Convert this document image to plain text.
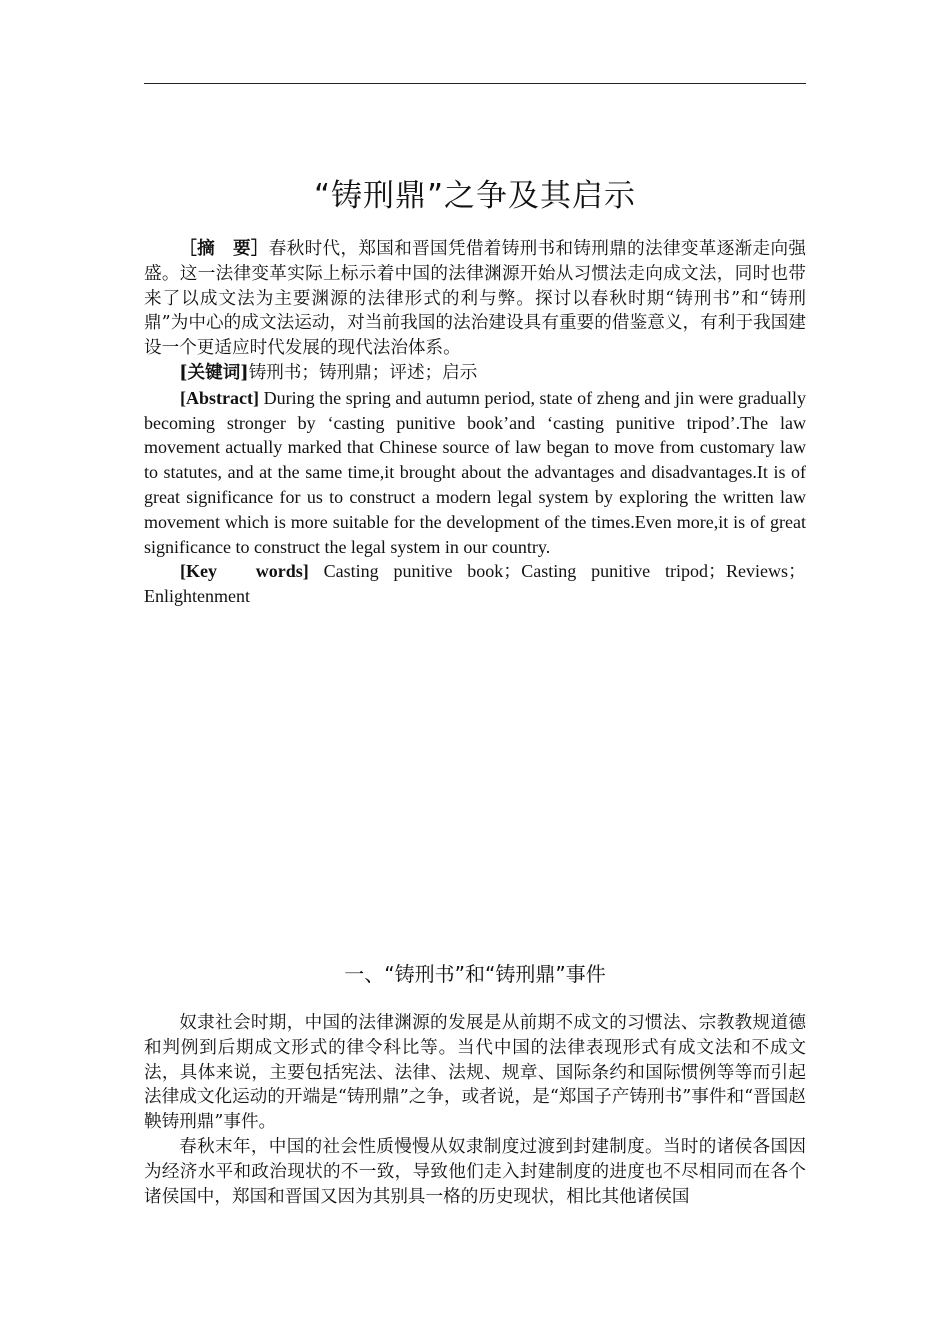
“铸刑鼎”之争及其启示

［摘　要］春秋时代，郑国和晋国凭借着铸刑书和铸刑鼎的法律变革逐渐走向强盛。这一法律变革实际上标示着中国的法律渊源开始从习惯法走向成文法，同时也带来了以成文法为主要渊源的法律形式的利与弊。探讨以春秋时期“铸刑书”和“铸刑鼎”为中心的成文法运动，对当前我国的法治建设具有重要的借鉴意义，有利于我国建设一个更适应时代发展的现代法治体系。

[关键词]铸刑书；铸刑鼎；评述；启示

[Abstract] During the spring and autumn period, state of zheng and jin were gradually becoming stronger by ‘casting punitive book’and ‘casting punitive tripod’.The law movement actually marked that Chinese source of law began to move from customary law to statutes, and at the same time,it brought about the advantages and disadvantages.It is of great significance for us to construct a modern legal system by exploring the written law movement which is more suitable for the development of the times.Even more,it is of great significance to construct the legal system in our country.

[Key　words] Casting punitive book；Casting punitive tripod；Reviews；Enlightenment

一、“铸刑书”和“铸刑鼎”事件

奴隶社会时期，中国的法律渊源的发展是从前期不成文的习惯法、宗教教规道德和判例到后期成文形式的律令科比等。当代中国的法律表现形式有成文法和不成文法，具体来说，主要包括宪法、法律、法规、规章、国际条约和国际惯例等等而引起法律成文化运动的开端是“铸刑鼎”之争，或者说，是“郑国子产铸刑书”事件和“晋国赵鞅铸刑鼎”事件。

春秋末年，中国的社会性质慢慢从奴隶制度过渡到封建制度。当时的诸侯各国因为经济水平和政治现状的不一致，导致他们走入封建制度的进度也不尽相同而在各个诸侯国中，郑国和晋国又因为其别具一格的历史现状，相比其他诸侯国
